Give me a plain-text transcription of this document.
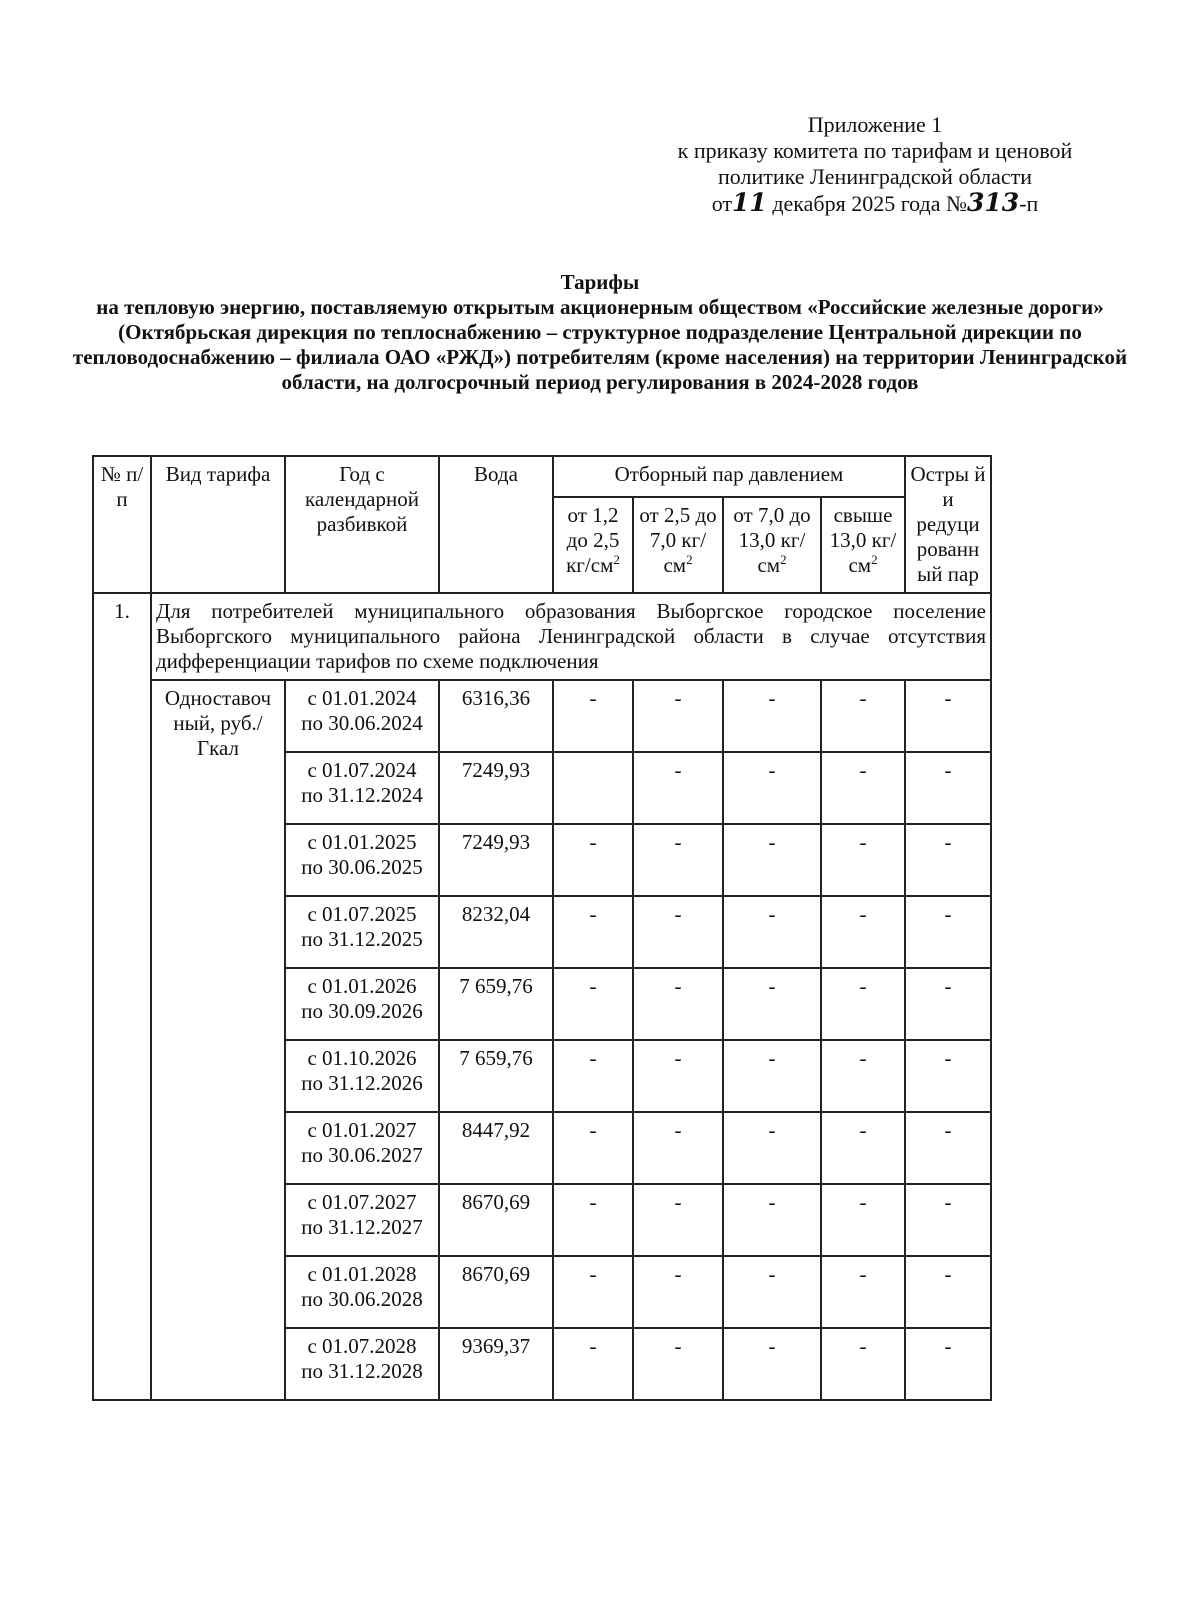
Приложение 1
к приказу комитета по тарифам и ценовой
политике Ленинградской области
от11 декабря 2025 года №313-п
Тарифы
на тепловую энергию, поставляемую открытым акционерным обществом «Российские железные дороги» (Октябрьская дирекция по теплоснабжению – структурное подразделение Центральной дирекции по тепловодоснабжению – филиала ОАО «РЖД») потребителям (кроме населения) на территории Ленинградской области, на долгосрочный период регулирования в 2024-2028 годов
№ п/п	Вид тарифа	Год с календарной разбивкой	Вода	Отборный пар давлением				Остры й и редуци рованн ый пар
				от 1,2 до 2,5 $кг/см^2$	от 2,5 до 7,0 $кг/см^2$	от 7,0 до 13,0 $кг/см^2$	свыше 13,0 $кг/см^2$
1.	Для потребителей муниципального образования Выборгское городское поселение Выборгского муниципального района Ленинградской области в случае отсутствия дифференциации тарифов по схеме подключения							
	Одноставоч ный, руб./Гкал	с 01.01.2024
по 30.06.2024	6316,36	-	-	-	-	-

		с 01.07.2024
по 31.12.2024	7249,93		-	-	-	-

		с 01.01.2025
по 30.06.2025	7249,93	-	-	-	-	-

		с 01.07.2025
по 31.12.2025	8232,04	-	-	-	-	-

		с 01.01.2026
по 30.09.2026	7 659,76	-	-	-	-	-

		с 01.10.2026
по 31.12.2026	7 659,76	-	-	-	-	-

		с 01.01.2027
по 30.06.2027	8447,92	-	-	-	-	-

		с 01.07.2027
по 31.12.2027	8670,69	-	-	-	-	-

		с 01.01.2028
по 30.06.2028	8670,69	-	-	-	-	-

		с 01.07.2028
по 31.12.2028	9369,37	-	-	-	-	-
